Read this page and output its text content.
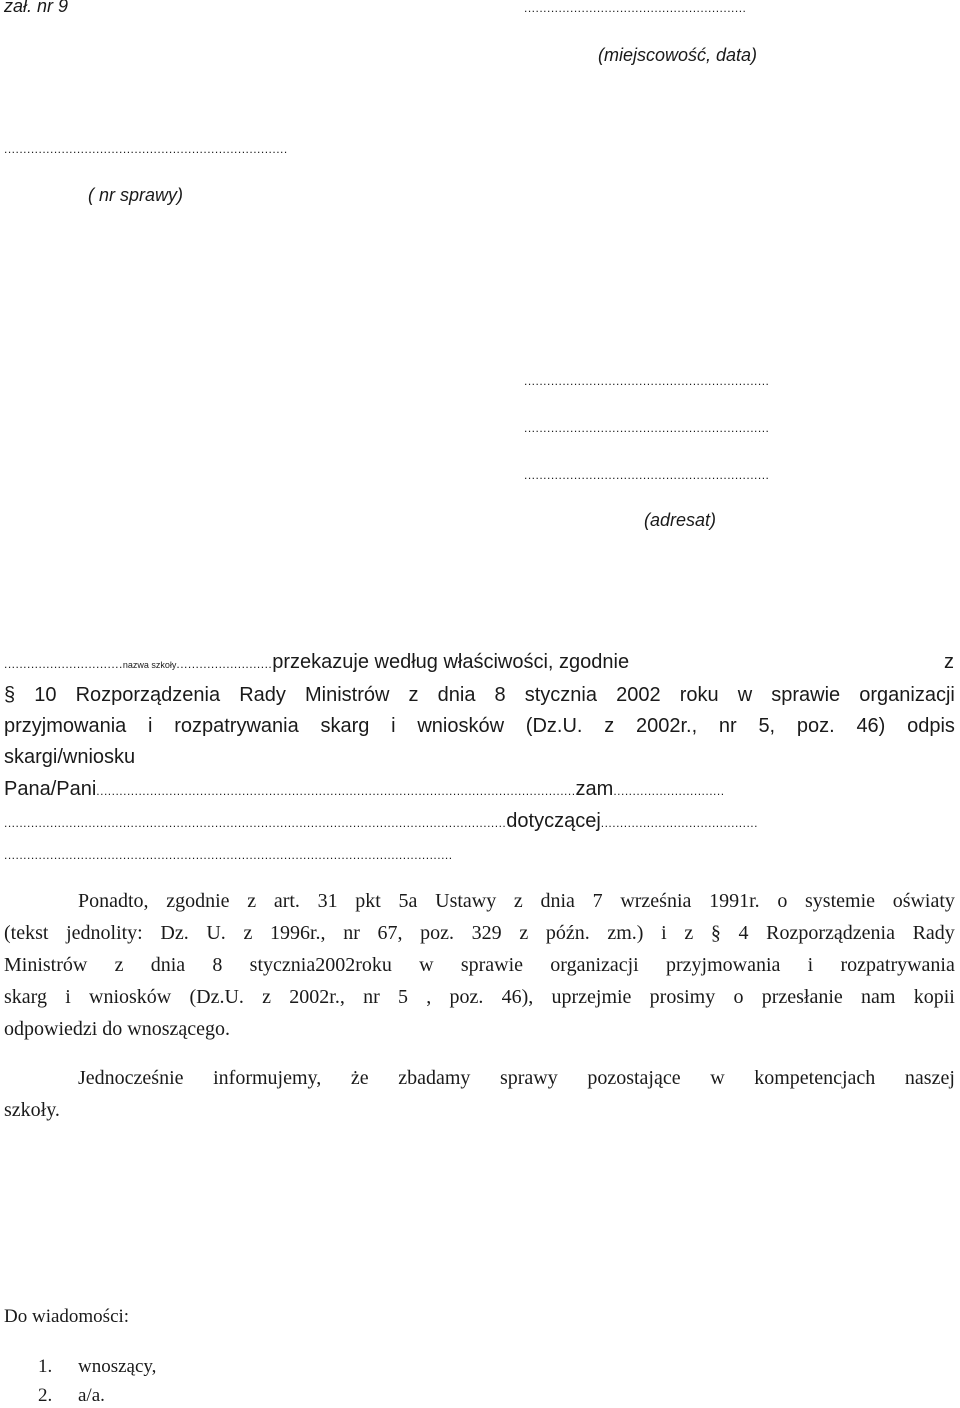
zał. nr 9	..........................................................
(miejscowość, data)
..........................................................................
( nr sprawy)
................................................................
................................................................
................................................................
(adresat)
...............................nazwa szkoły.........................przekazuje według właściwości, zgodnie	z
§ 10 Rozporządzenia Rady Ministrów z dnia 8 stycznia 2002 roku w sprawie organizacji
przyjmowania i rozpatrywania skarg i wniosków (Dz.U. z 2002r., nr 5, poz. 46) odpis
skargi/wniosku
Pana/Pani.............................................................................................................................zam.............................
...................................................................................................................................dotyczącej.........................................
.....................................................................................................................
Ponadto, zgodnie z art. 31 pkt 5a Ustawy z dnia 7 września 1991r. o systemie oświaty
(tekst jednolity: Dz. U. z 1996r., nr 67, poz. 329 z późn. zm.) i z § 4 Rozporządzenia Rady
Ministrów z dnia 8 stycznia2002roku w sprawie organizacji przyjmowania i rozpatrywania
skarg i wniosków (Dz.U. z 2002r., nr 5 , poz. 46), uprzejmie prosimy o przesłanie nam kopii
odpowiedzi do wnoszącego.
Jednocześnie informujemy, że zbadamy sprawy pozostające w kompetencjach naszej
szkoły.
Do wiadomości:
1. wnoszący,
2. a/a.
